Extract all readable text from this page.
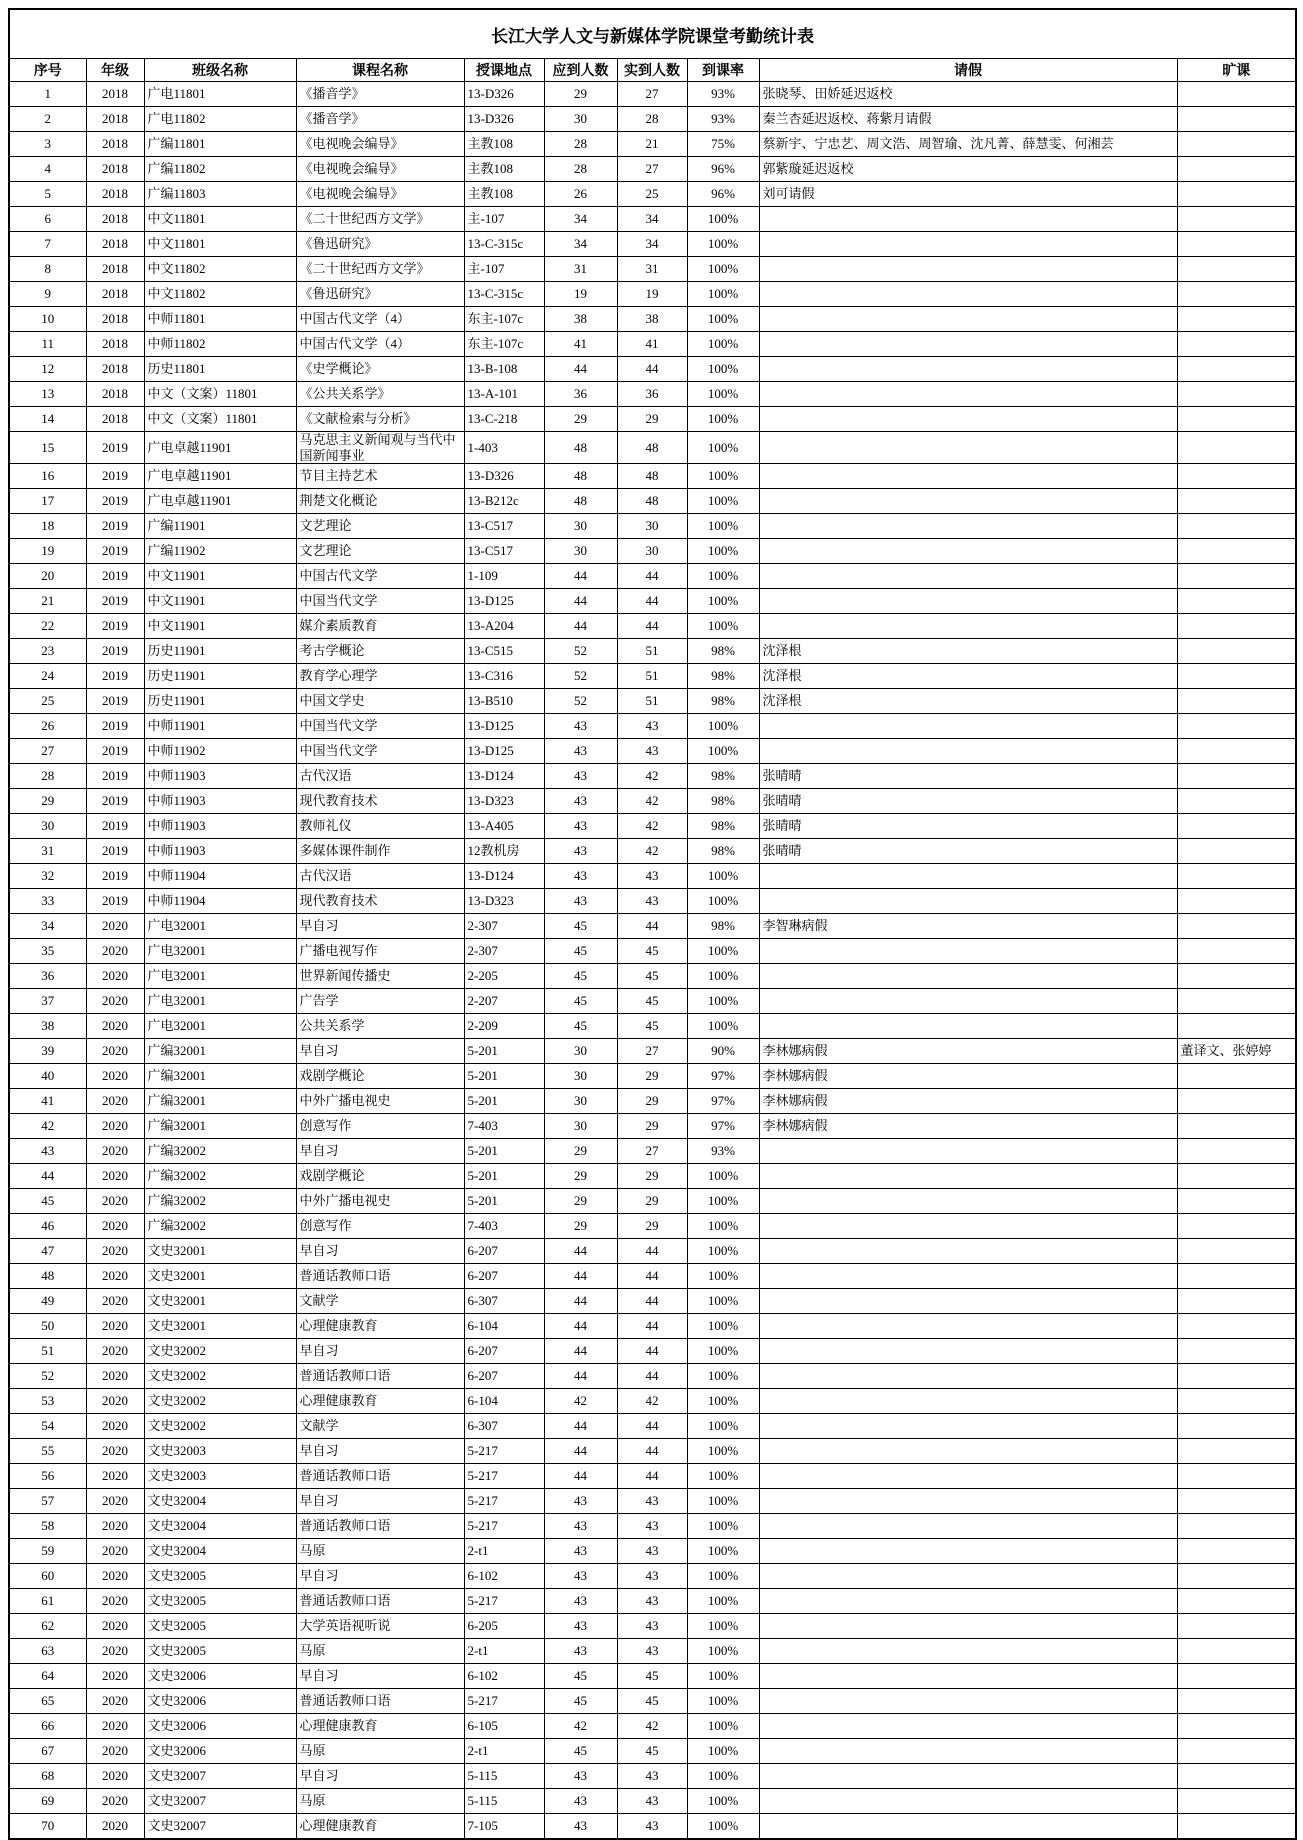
长江大学人文与新媒体学院课堂考勤统计表									
序号	年级	班级名称	课程名称	授课地点	应到人数	实到人数	到课率	请假	旷课
1	2018	广电11801	《播音学》	13-D326	29	27	93%	张晓琴、田娇延迟返校	
2	2018	广电11802	《播音学》	13-D326	30	28	93%	秦兰杏延迟返校、蒋紫月请假	
3	2018	广编11801	《电视晚会编导》	主教108	28	21	75%	蔡新宇、宁忠艺、周文浩、周智瑜、沈凡菁、薛慧雯、何湘芸	
4	2018	广编11802	《电视晚会编导》	主教108	28	27	96%	郭紫璇延迟返校	
5	2018	广编11803	《电视晚会编导》	主教108	26	25	96%	刘可请假	
6	2018	中文11801	《二十世纪西方文学》	主-107	34	34	100%		
7	2018	中文11801	《鲁迅研究》	13-C-315c	34	34	100%		
8	2018	中文11802	《二十世纪西方文学》	主-107	31	31	100%		
9	2018	中文11802	《鲁迅研究》	13-C-315c	19	19	100%		
10	2018	中师11801	中国古代文学（4）	东主-107c	38	38	100%		
11	2018	中师11802	中国古代文学（4）	东主-107c	41	41	100%		
12	2018	历史11801	《史学概论》	13-B-108	44	44	100%		
13	2018	中文（文案）11801	《公共关系学》	13-A-101	36	36	100%		
14	2018	中文（文案）11801	《文献检索与分析》	13-C-218	29	29	100%		
15	2019	广电卓越11901	马克思主义新闻观与当代中国新闻事业	1-403	48	48	100%		
16	2019	广电卓越11901	节目主持艺术	13-D326	48	48	100%		
17	2019	广电卓越11901	荆楚文化概论	13-B212c	48	48	100%		
18	2019	广编11901	文艺理论	13-C517	30	30	100%		
19	2019	广编11902	文艺理论	13-C517	30	30	100%		
20	2019	中文11901	中国古代文学	1-109	44	44	100%		
21	2019	中文11901	中国当代文学	13-D125	44	44	100%		
22	2019	中文11901	媒介素质教育	13-A204	44	44	100%		
23	2019	历史11901	考古学概论	13-C515	52	51	98%	沈泽根	
24	2019	历史11901	教育学心理学	13-C316	52	51	98%	沈泽根	
25	2019	历史11901	中国文学史	13-B510	52	51	98%	沈泽根	
26	2019	中师11901	中国当代文学	13-D125	43	43	100%		
27	2019	中师11902	中国当代文学	13-D125	43	43	100%		
28	2019	中师11903	古代汉语	13-D124	43	42	98%	张晴晴	
29	2019	中师11903	现代教育技术	13-D323	43	42	98%	张晴晴	
30	2019	中师11903	教师礼仪	13-A405	43	42	98%	张晴晴	
31	2019	中师11903	多媒体课件制作	12教机房	43	42	98%	张晴晴	
32	2019	中师11904	古代汉语	13-D124	43	43	100%		
33	2019	中师11904	现代教育技术	13-D323	43	43	100%		
34	2020	广电32001	早自习	2-307	45	44	98%	李智琳病假	
35	2020	广电32001	广播电视写作	2-307	45	45	100%		
36	2020	广电32001	世界新闻传播史	2-205	45	45	100%		
37	2020	广电32001	广告学	2-207	45	45	100%		
38	2020	广电32001	公共关系学	2-209	45	45	100%		
39	2020	广编32001	早自习	5-201	30	27	90%	李林娜病假	董译文、张婷婷
40	2020	广编32001	戏剧学概论	5-201	30	29	97%	李林娜病假	
41	2020	广编32001	中外广播电视史	5-201	30	29	97%	李林娜病假	
42	2020	广编32001	创意写作	7-403	30	29	97%	李林娜病假	
43	2020	广编32002	早自习	5-201	29	27	93%		
44	2020	广编32002	戏剧学概论	5-201	29	29	100%		
45	2020	广编32002	中外广播电视史	5-201	29	29	100%		
46	2020	广编32002	创意写作	7-403	29	29	100%		
47	2020	文史32001	早自习	6-207	44	44	100%		
48	2020	文史32001	普通话教师口语	6-207	44	44	100%		
49	2020	文史32001	文献学	6-307	44	44	100%		
50	2020	文史32001	心理健康教育	6-104	44	44	100%		
51	2020	文史32002	早自习	6-207	44	44	100%		
52	2020	文史32002	普通话教师口语	6-207	44	44	100%		
53	2020	文史32002	心理健康教育	6-104	42	42	100%		
54	2020	文史32002	文献学	6-307	44	44	100%		
55	2020	文史32003	早自习	5-217	44	44	100%		
56	2020	文史32003	普通话教师口语	5-217	44	44	100%		
57	2020	文史32004	早自习	5-217	43	43	100%		
58	2020	文史32004	普通话教师口语	5-217	43	43	100%		
59	2020	文史32004	马原	2-t1	43	43	100%		
60	2020	文史32005	早自习	6-102	43	43	100%		
61	2020	文史32005	普通话教师口语	5-217	43	43	100%		
62	2020	文史32005	大学英语视听说	6-205	43	43	100%		
63	2020	文史32005	马原	2-t1	43	43	100%		
64	2020	文史32006	早自习	6-102	45	45	100%		
65	2020	文史32006	普通话教师口语	5-217	45	45	100%		
66	2020	文史32006	心理健康教育	6-105	42	42	100%		
67	2020	文史32006	马原	2-t1	45	45	100%		
68	2020	文史32007	早自习	5-115	43	43	100%		
69	2020	文史32007	马原	5-115	43	43	100%		
70	2020	文史32007	心理健康教育	7-105	43	43	100%		
